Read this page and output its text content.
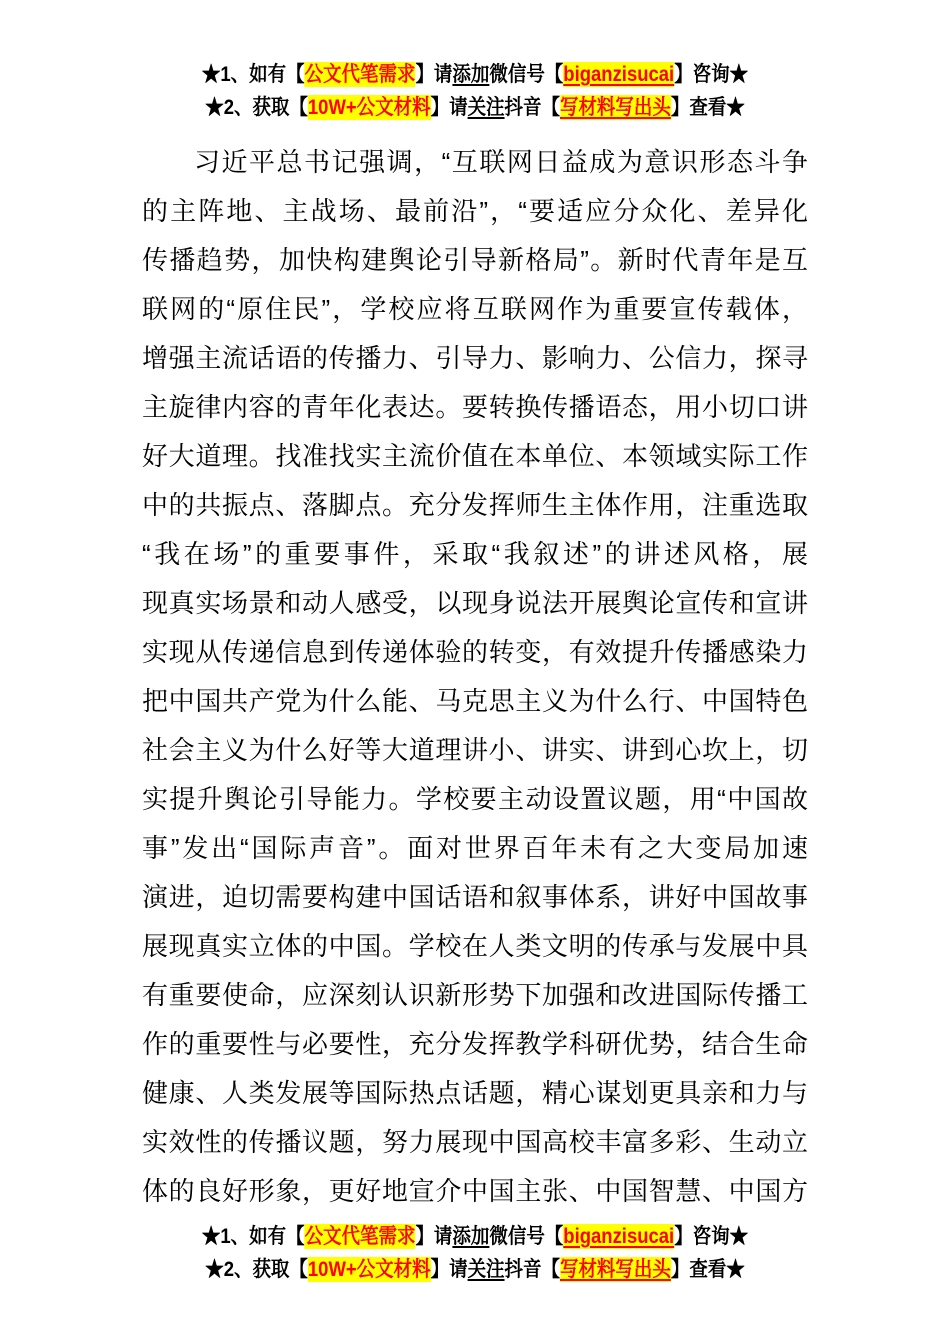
★1、如有【公文代笔需求】请添加微信号【biganzisucai】咨询★
★2、获取【10W+公文材料】请关注抖音【写材料写出头】查看★
习近平总书记强调，“互联网日益成为意识形态斗争
的主阵地、主战场、最前沿”，“要适应分众化、差异化
传播趋势，加快构建舆论引导新格局”。新时代青年是互
联网的“原住民”，学校应将互联网作为重要宣传载体，
增强主流话语的传播力、引导力、影响力、公信力，探寻
主旋律内容的青年化表达。要转换传播语态，用小切口讲
好大道理。找准找实主流价值在本单位、本领域实际工作
中的共振点、落脚点。充分发挥师生主体作用，注重选取
“我在场”的重要事件，采取“我叙述”的讲述风格，展
现真实场景和动人感受，以现身说法开展舆论宣传和宣讲
实现从传递信息到传递体验的转变，有效提升传播感染力
把中国共产党为什么能、马克思主义为什么行、中国特色
社会主义为什么好等大道理讲小、讲实、讲到心坎上，切
实提升舆论引导能力。学校要主动设置议题，用“中国故
事”发出“国际声音”。面对世界百年未有之大变局加速
演进，迫切需要构建中国话语和叙事体系，讲好中国故事
展现真实立体的中国。学校在人类文明的传承与发展中具
有重要使命，应深刻认识新形势下加强和改进国际传播工
作的重要性与必要性，充分发挥教学科研优势，结合生命
健康、人类发展等国际热点话题，精心谋划更具亲和力与
实效性的传播议题，努力展现中国高校丰富多彩、生动立
体的良好形象，更好地宣介中国主张、中国智慧、中国方
★1、如有【公文代笔需求】请添加微信号【biganzisucai】咨询★
★2、获取【10W+公文材料】请关注抖音【写材料写出头】查看★
